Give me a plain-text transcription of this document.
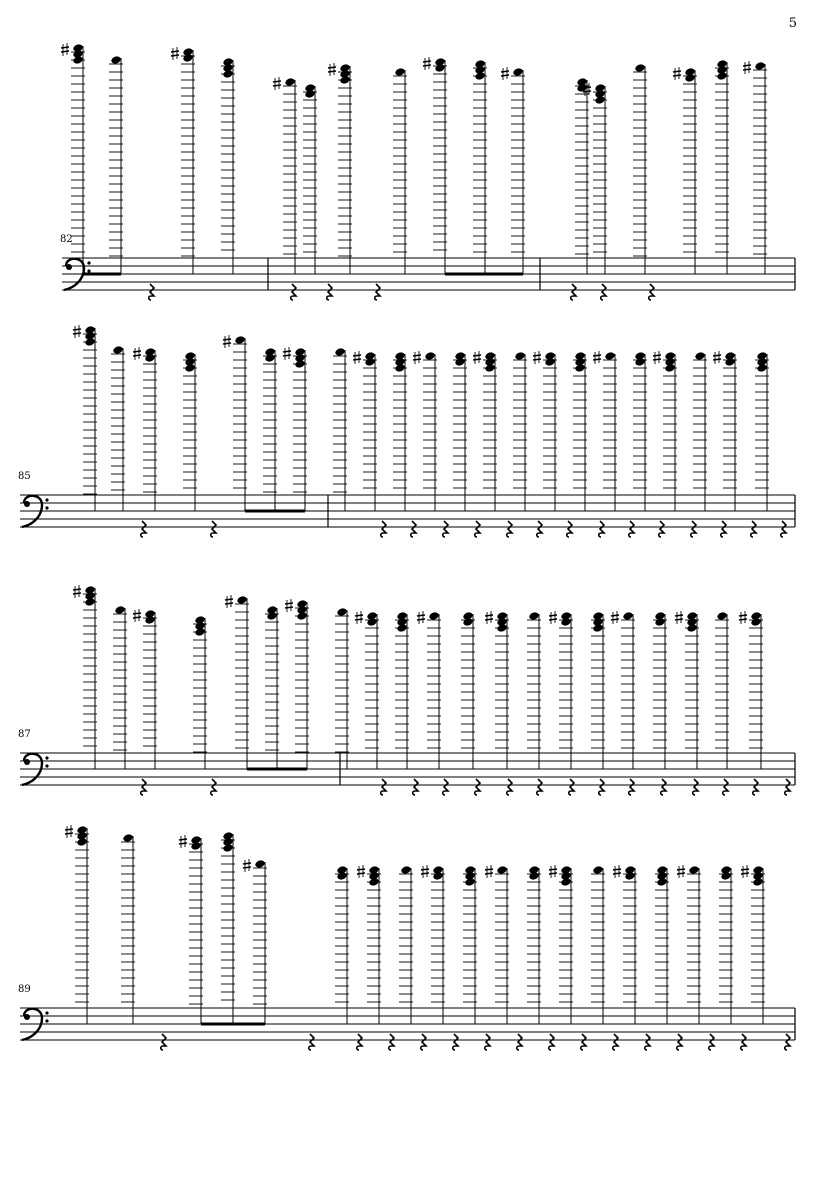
5
82
85
87
89
